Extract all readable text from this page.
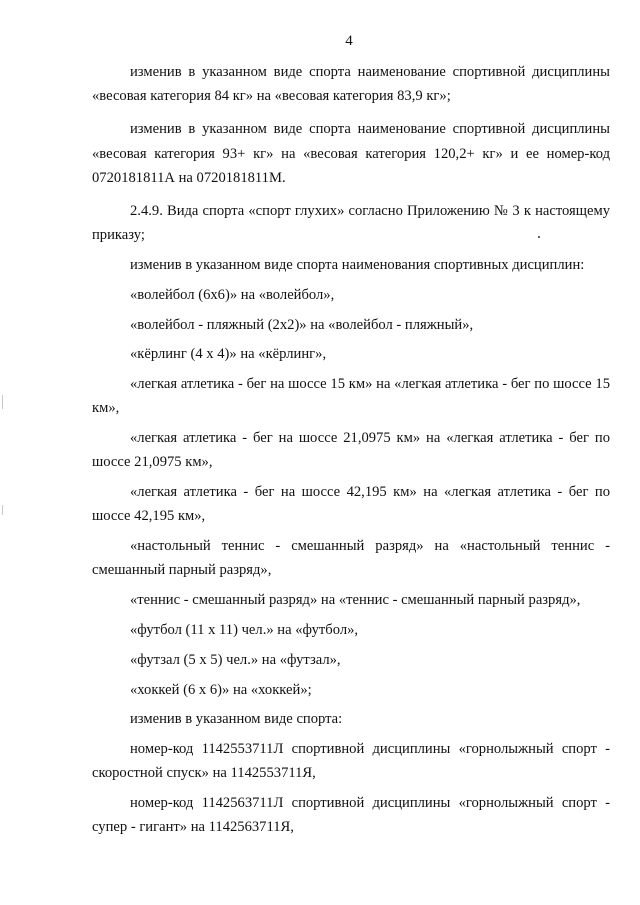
4

изменив в указанном виде спорта наименование спортивной дисциплины «весовая категория 84 кг» на «весовая категория 83,9 кг»;

изменив в указанном виде спорта наименование спортивной дисциплины «весовая категория 93+ кг» на «весовая категория 120,2+ кг» и ее номер-код 0720181811А на 0720181811М.

2.4.9. Вида спорта «спорт глухих» согласно Приложению № 3 к настоящему приказу;

изменив в указанном виде спорта наименования спортивных дисциплин:

«волейбол (6х6)» на «волейбол»,

«волейбол - пляжный (2х2)» на «волейбол - пляжный»,

«кёрлинг (4 х 4)» на «кёрлинг»,

«легкая атлетика - бег на шоссе 15 км» на «легкая атлетика - бег по шоссе 15 км»,

«легкая атлетика - бег на шоссе 21,0975 км» на «легкая атлетика - бег по шоссе 21,0975 км»,

«легкая атлетика - бег на шоссе 42,195 км» на «легкая атлетика - бег по шоссе 42,195 км»,

«настольный теннис - смешанный разряд» на «настольный теннис - смешанный парный разряд»,

«теннис - смешанный разряд» на «теннис - смешанный парный разряд»,

«футбол (11 х 11) чел.» на «футбол»,

«футзал (5 х 5) чел.» на «футзал»,

«хоккей (6 х 6)» на «хоккей»;

изменив в указанном виде спорта:

номер-код 1142553711Л спортивной дисциплины «горнолыжный спорт - скоростной спуск» на 1142553711Я,

номер-код 1142563711Л спортивной дисциплины «горнолыжный спорт - супер - гигант» на 1142563711Я,
